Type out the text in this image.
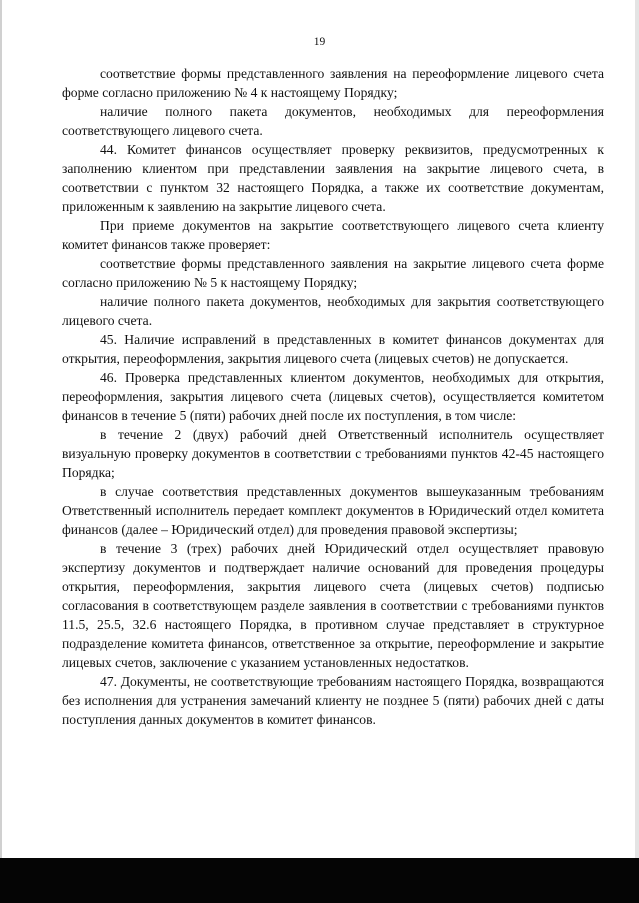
19

соответствие формы представленного заявления на переоформление лицевого счета форме согласно приложению № 4 к настоящему Порядку;

наличие полного пакета документов, необходимых для переоформления соответствующего лицевого счета.

44. Комитет финансов осуществляет проверку реквизитов, предусмотренных к заполнению клиентом при представлении заявления на закрытие лицевого счета, в соответствии с пунктом 32 настоящего Порядка, а также их соответствие документам, приложенным к заявлению на закрытие лицевого счета.

При приеме документов на закрытие соответствующего лицевого счета клиенту комитет финансов также проверяет:

соответствие формы представленного заявления на закрытие лицевого счета форме согласно приложению № 5 к настоящему Порядку;

наличие полного пакета документов, необходимых для закрытия соответствующего лицевого счета.

45. Наличие исправлений в представленных в комитет финансов документах для открытия, переоформления, закрытия лицевого счета (лицевых счетов) не допускается.

46. Проверка представленных клиентом документов, необходимых для открытия, переоформления, закрытия лицевого счета (лицевых счетов), осуществляется комитетом финансов в течение 5 (пяти) рабочих дней после их поступления, в том числе:

в течение 2 (двух) рабочий дней Ответственный исполнитель осуществляет визуальную проверку документов в соответствии с требованиями пунктов 42-45 настоящего Порядка;

в случае соответствия представленных документов вышеуказанным требованиям Ответственный исполнитель передает комплект документов в Юридический отдел комитета финансов (далее – Юридический отдел) для проведения правовой экспертизы;

в течение 3 (трех) рабочих дней Юридический отдел осуществляет правовую экспертизу документов и подтверждает наличие оснований для проведения процедуры открытия, переоформления, закрытия лицевого счета (лицевых счетов) подписью согласования в соответствующем разделе заявления в соответствии с требованиями пунктов 11.5, 25.5, 32.6 настоящего Порядка, в противном случае представляет в структурное подразделение комитета финансов, ответственное за открытие, переоформление и закрытие лицевых счетов, заключение с указанием установленных недостатков.

47. Документы, не соответствующие требованиям настоящего Порядка, возвращаются без исполнения для устранения замечаний клиенту не позднее 5 (пяти) рабочих дней с даты поступления данных документов в комитет финансов.
